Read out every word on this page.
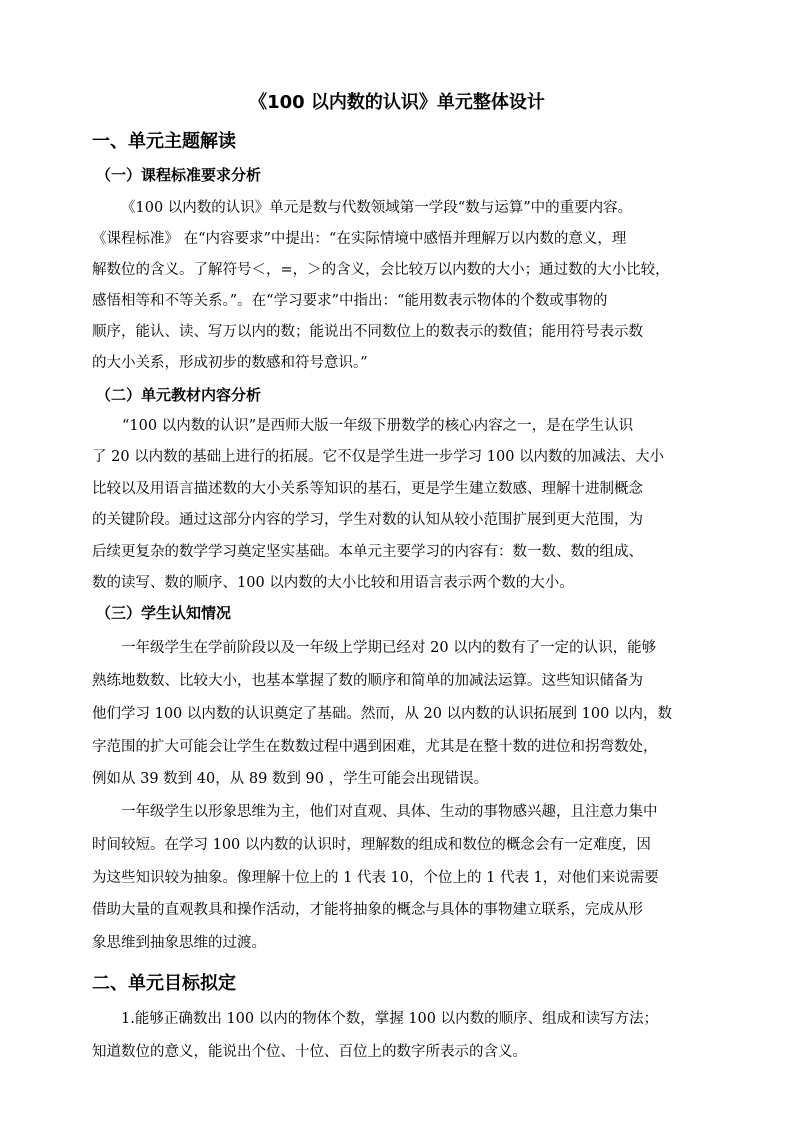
《100 以内数的认识》单元整体设计
一、单元主题解读
（一）课程标准要求分析
《100 以内数的认识》单元是数与代数领域第一学段“数与运算”中的重要内容。
《课程标准》 在“内容要求”中提出：“在实际情境中感悟并理解万以内数的意义，理
解数位的含义。了解符号＜，=，＞的含义，会比较万以内数的大小；通过数的大小比较，
感悟相等和不等关系。”。在“学习要求”中指出：“能用数表示物体的个数或事物的
顺序，能认、读、写万以内的数；能说出不同数位上的数表示的数值；能用符号表示数
的大小关系，形成初步的数感和符号意识。”
（二）单元教材内容分析
“100 以内数的认识”是西师大版一年级下册数学的核心内容之一，是在学生认识
了 20 以内数的基础上进行的拓展。它不仅是学生进一步学习 100 以内数的加减法、大小
比较以及用语言描述数的大小关系等知识的基石，更是学生建立数感、理解十进制概念
的关键阶段。通过这部分内容的学习，学生对数的认知从较小范围扩展到更大范围，为
后续更复杂的数学学习奠定坚实基础。本单元主要学习的内容有：数一数、数的组成、
数的读写、数的顺序、100 以内数的大小比较和用语言表示两个数的大小。
（三）学生认知情况
一年级学生在学前阶段以及一年级上学期已经对 20 以内的数有了一定的认识，能够
熟练地数数、比较大小，也基本掌握了数的顺序和简单的加减法运算。这些知识储备为
他们学习 100 以内数的认识奠定了基础。然而，从 20 以内数的认识拓展到 100 以内，数
字范围的扩大可能会让学生在数数过程中遇到困难，尤其是在整十数的进位和拐弯数处，
例如从 39 数到 40，从 89 数到 90 ，学生可能会出现错误。
一年级学生以形象思维为主，他们对直观、具体、生动的事物感兴趣，且注意力集中
时间较短。在学习 100 以内数的认识时，理解数的组成和数位的概念会有一定难度，因
为这些知识较为抽象。像理解十位上的 1 代表 10，个位上的 1 代表 1，对他们来说需要
借助大量的直观教具和操作活动，才能将抽象的概念与具体的事物建立联系，完成从形
象思维到抽象思维的过渡。
二、单元目标拟定
1.能够正确数出 100 以内的物体个数，掌握 100 以内数的顺序、组成和读写方法；
知道数位的意义，能说出个位、十位、百位上的数字所表示的含义。
